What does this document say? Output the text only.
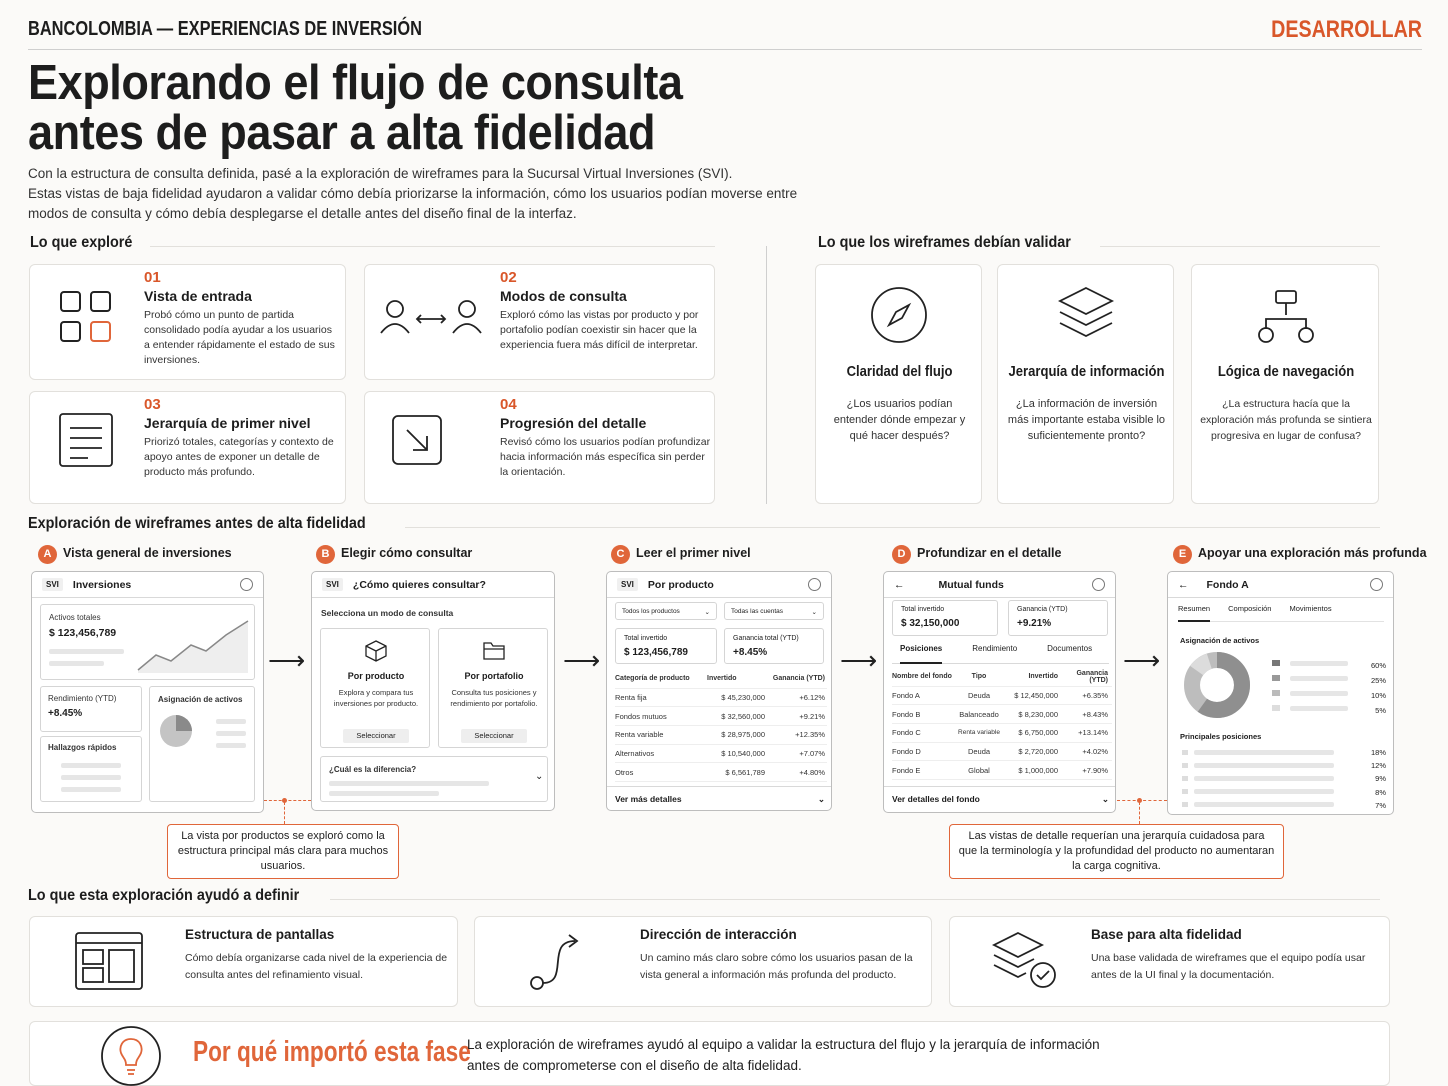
BANCOLOMBIA — EXPERIENCIAS DE INVERSIÓN	DESARROLLAR
Explorando el flujo de consulta antes de pasar a alta fidelidad
Con la estructura de consulta definida, pasé a la exploración de wireframes para la Sucursal Virtual Inversiones (SVI).
Estas vistas de baja fidelidad ayudaron a validar cómo debía priorizarse la información, cómo los usuarios podían moverse entre modos de consulta y cómo debía desplegarse el detalle antes del diseño final de la interfaz.
Lo que exploré
01
Vista de entrada
Probó cómo un punto de partida consolidado podía ayudar a los usuarios a entender rápidamente el estado de sus inversiones.
02
Modos de consulta
Exploró cómo las vistas por producto y por portafolio podían coexistir sin hacer que la experiencia fuera más difícil de interpretar.
03
Jerarquía de primer nivel
Priorizó totales, categorías y contexto de apoyo antes de exponer un detalle de producto más profundo.
04
Progresión del detalle
Revisó cómo los usuarios podían profundizar hacia información más específica sin perder la orientación.
Lo que los wireframes debían validar
Claridad del flujo
¿Los usuarios podían entender dónde empezar y qué hacer después?
Jerarquía de información
¿La información de inversión más importante estaba visible lo suficientemente pronto?
Lógica de navegación
¿La estructura hacía que la exploración más profunda se sintiera progresiva en lugar de confusa?
Exploración de wireframes antes de alta fidelidad
A Vista general de inversiones	B Elegir cómo consultar	C Leer el primer nivel	D Profundizar en el detalle	E Apoyar una exploración más profunda
SVI	Inversiones
Activos totales
$ 123,456,789
Rendimiento (YTD)
+8.45%
Hallazgos rápidos
Asignación de activos
⟶
SVI	¿Cómo quieres consultar?
Selecciona un modo de consulta
Por producto
Explora y compara tus inversiones por producto.
Seleccionar
Por portafolio
Consulta tus posiciones y rendimiento por portafolio.
Seleccionar
¿Cuál es la diferencia?
⌄
⟶
SVI	Por producto
Todos los productos	⌄	Todas las cuentas	⌄
Total invertido
$ 123,456,789
Ganancia total (YTD)
+8.45%
Categoría de producto	Invertido	Ganancia (YTD)
Renta fija	$ 45,230,000	+6.12%
Fondos mutuos	$ 32,560,000	+9.21%
Renta variable	$ 28,975,000	+12.35%
Alternativos	$ 10,540,000	+7.07%
Otros	$ 6,561,789	+4.80%
Ver más detalles	⌄
⟶
←	Mutual funds
Total invertido
$ 32,150,000
Ganancia (YTD)
+9.21%
Posiciones	Rendimiento	Documentos
Nombre del fondo	Tipo	Invertido	Ganancia (YTD)
Fondo A	Deuda	$ 12,450,000	+6.35%
Fondo B	Balanceado	$ 8,230,000	+8.43%
Fondo C	Renta variable	$ 6,750,000	+13.14%
Fondo D	Deuda	$ 2,720,000	+4.02%
Fondo E	Global	$ 1,000,000	+7.90%
Ver detalles del fondo	⌄
⟶
← Fondo A
Resumen Composición Movimientos
Asignación de activos
60%
25%
10%
5%
Principales posiciones
18%
12%
9%
8%
7%
La vista por productos se exploró como la estructura principal más clara para muchos usuarios.
Las vistas de detalle requerían una jerarquía cuidadosa para que la terminología y la profundidad del producto no aumentaran la carga cognitiva.
Lo que esta exploración ayudó a definir
Estructura de pantallas
Cómo debía organizarse cada nivel de la experiencia de consulta antes del refinamiento visual.
Dirección de interacción
Un camino más claro sobre cómo los usuarios pasan de la vista general a información más profunda del producto.
Base para alta fidelidad
Una base validada de wireframes que el equipo podía usar antes de la UI final y la documentación.
Por qué importó esta fase
La exploración de wireframes ayudó al equipo a validar la estructura del flujo y la jerarquía de información antes de comprometerse con el diseño de alta fidelidad.
